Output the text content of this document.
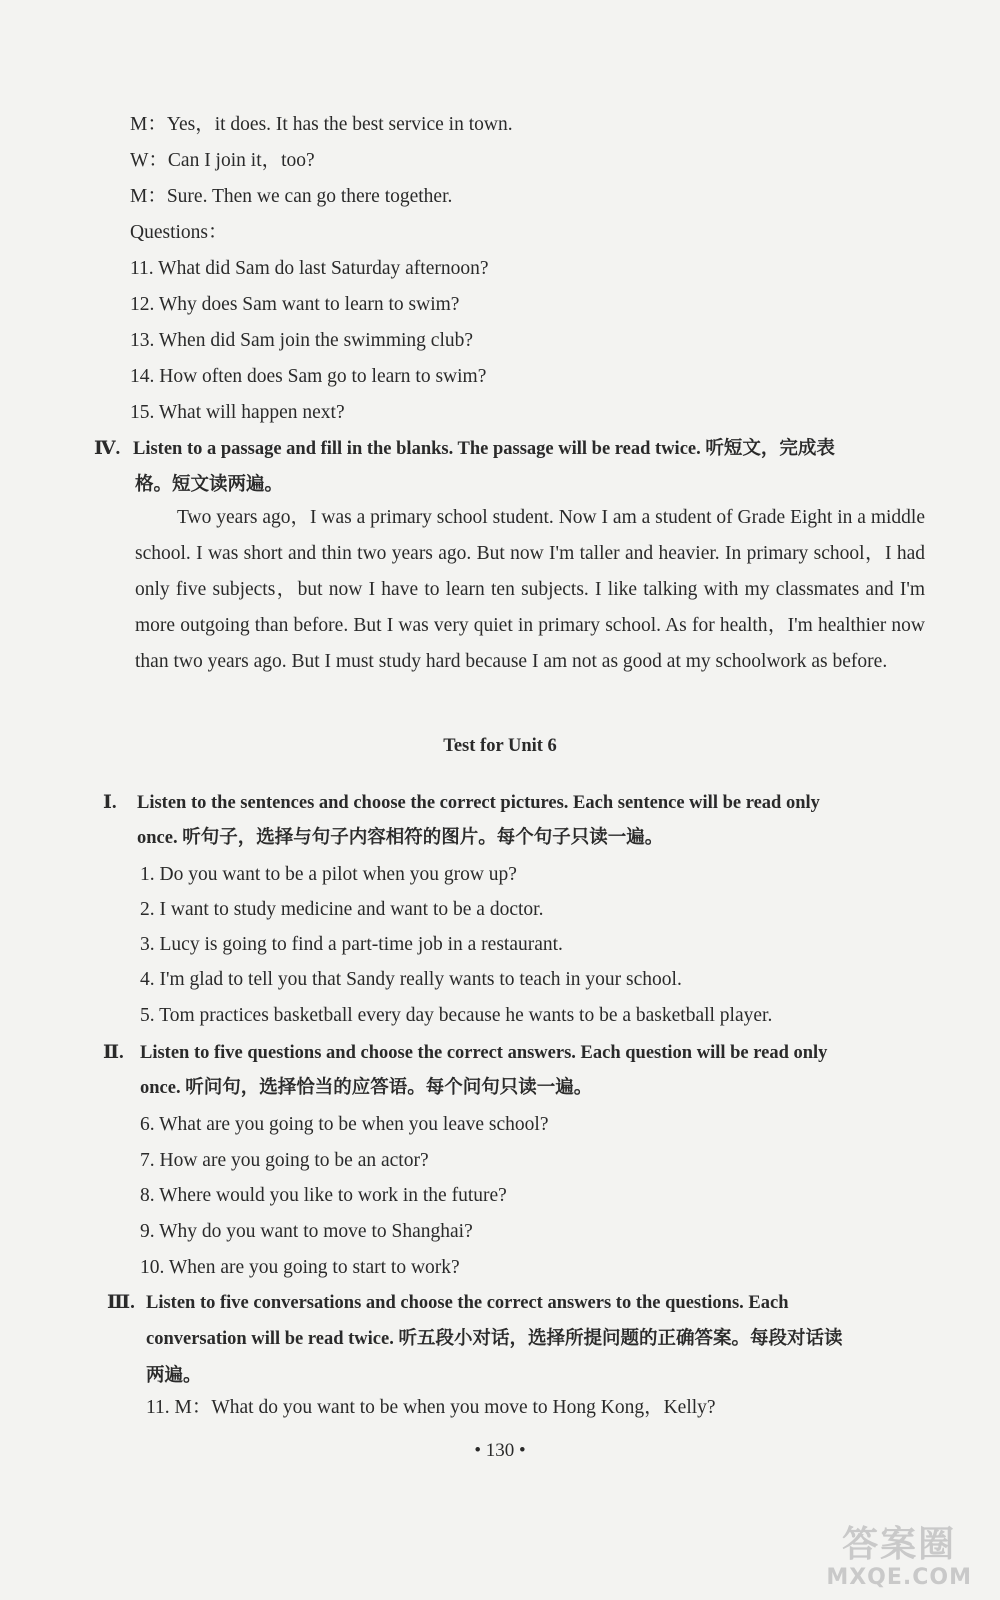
M：Yes，it does. It has the best service in town.
W：Can I join it，too?
M：Sure. Then we can go there together.
Questions：
11. What did Sam do last Saturday afternoon?
12. Why does Sam want to learn to swim?
13. When did Sam join the swimming club?
14. How often does Sam go to learn to swim?
15. What will happen next?
Ⅳ. Listen to a passage and fill in the blanks. The passage will be read twice. 听短文，完成表
格。短文读两遍。
Two years ago，I was a primary school student. Now I am a student of Grade Eight in a middle school. I was short and thin two years ago. But now I'm taller and heavier. In primary school，I had only five subjects，but now I have to learn ten subjects. I like talking with my classmates and I'm more outgoing than before. But I was very quiet in primary school. As for health，I'm healthier now than two years ago. But I must study hard because I am not as good at my schoolwork as before.
Test for Unit 6
Ⅰ. Listen to the sentences and choose the correct pictures. Each sentence will be read only
once. 听句子，选择与句子内容相符的图片。每个句子只读一遍。
1. Do you want to be a pilot when you grow up?
2. I want to study medicine and want to be a doctor.
3. Lucy is going to find a part-time job in a restaurant.
4. I'm glad to tell you that Sandy really wants to teach in your school.
5. Tom practices basketball every day because he wants to be a basketball player.
Ⅱ. Listen to five questions and choose the correct answers. Each question will be read only
once. 听问句，选择恰当的应答语。每个问句只读一遍。
6. What are you going to be when you leave school?
7. How are you going to be an actor?
8. Where would you like to work in the future?
9. Why do you want to move to Shanghai?
10. When are you going to start to work?
Ⅲ. Listen to five conversations and choose the correct answers to the questions. Each
conversation will be read twice. 听五段小对话，选择所提问题的正确答案。每段对话读
两遍。
11. M：What do you want to be when you move to Hong Kong，Kelly?
• 130 •
答案圈
MXQE.COM
